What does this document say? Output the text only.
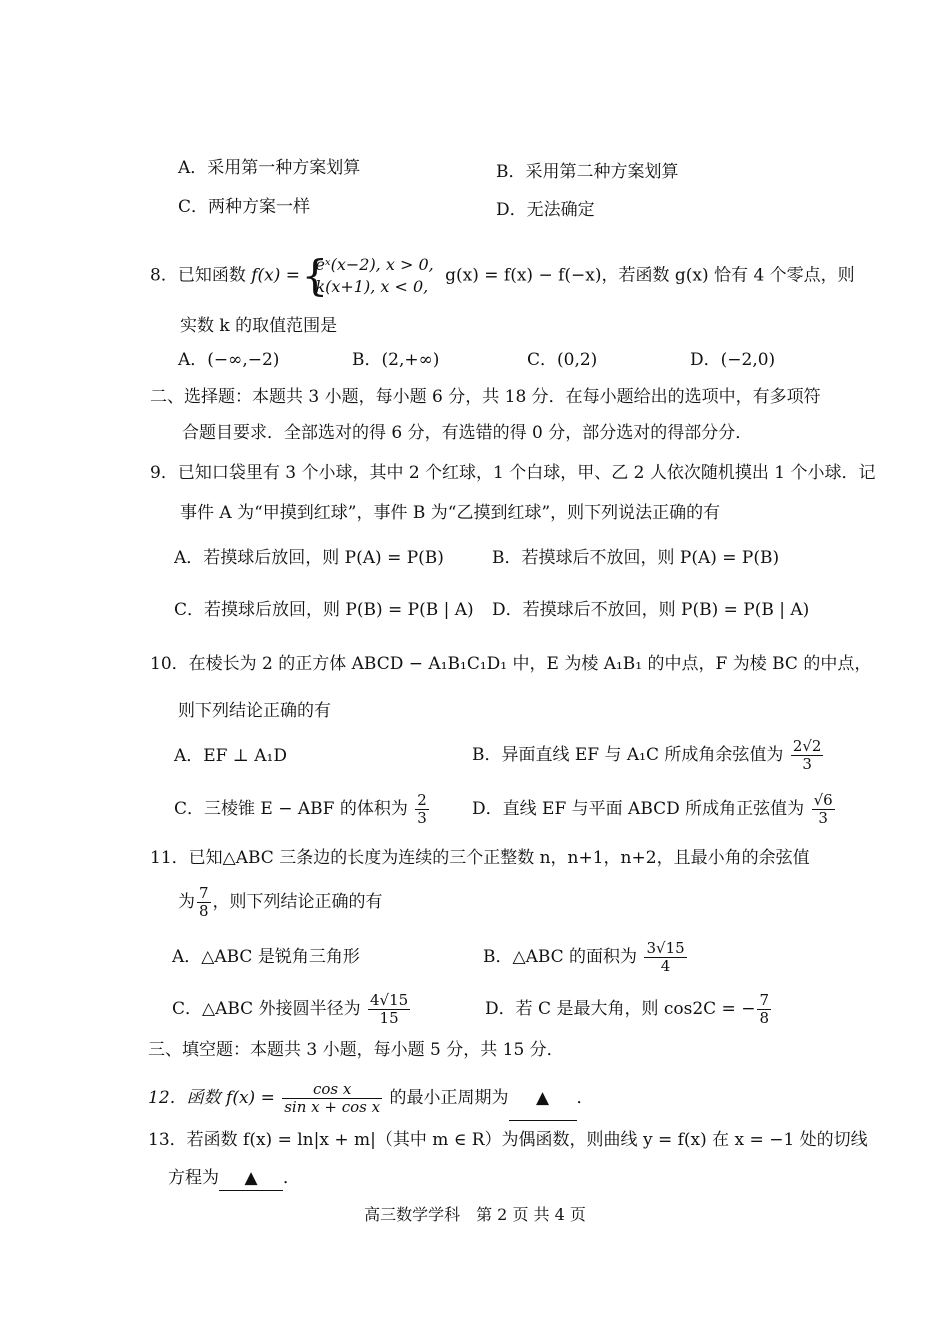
A．采用第一种方案划算	B．采用第二种方案划算
C．两种方案一样	D．无法确定
8．已知函数 f(x) = {
eˣ(x−2), x > 0,
k(x+1), x < 0,
g(x) = f(x) − f(−x)，若函数 g(x) 恰有 4 个零点，则
实数 k 的取值范围是
A．(−∞,−2)	B．(2,+∞)	C．(0,2)	D．(−2,0)
二、选择题：本题共 3 小题，每小题 6 分，共 18 分．在每小题给出的选项中，有多项符
合题目要求．全部选对的得 6 分，有选错的得 0 分，部分选对的得部分分．
9．已知口袋里有 3 个小球，其中 2 个红球，1 个白球，甲、乙 2 人依次随机摸出 1 个小球．记
事件 A 为“甲摸到红球”，事件 B 为“乙摸到红球”，则下列说法正确的有
A．若摸球后放回，则 P(A) = P(B)	B．若摸球后不放回，则 P(A) = P(B)
C．若摸球后放回，则 P(B) = P(B | A) D．若摸球后不放回，则 P(B) = P(B | A)
10．在棱长为 2 的正方体 ABCD − A₁B₁C₁D₁ 中，E 为棱 A₁B₁ 的中点，F 为棱 BC 的中点，
则下列结论正确的有
A．EF ⊥ A₁D	B．异面直线 EF 与 A₁C 所成角余弦值为 $\frac{2√2}{3}$
C．三棱锥 E − ABF 的体积为 $\frac{2}{3}$	D．直线 EF 与平面 ABCD 所成角正弦值为 $\frac{√6}{3}$
11．已知△ABC 三条边的长度为连续的三个正整数 n，n+1，n+2，且最小角的余弦值
为 $\frac{7}{8}$ ，则下列结论正确的有
A．△ABC 是锐角三角形	B．△ABC 的面积为 $\frac{3√15}{4}$
C．△ABC 外接圆半径为 $\frac{4√15}{15}$	D．若 C 是最大角，则 cos2C = − $\frac{7}{8}$
三、填空题：本题共 3 小题，每小题 5 分，共 15 分．
12．函数 $f(x) = \frac{\text{cos x}}{\text{sin x + cos x}}$ 的最小正周期为 ▲ ．
13．若函数 f(x) = ln|x + m|（其中 m ∈ R）为偶函数，则曲线 y = f(x) 在 x = −1 处的切线
方程为 ▲ ．
高三数学学科　第 2 页 共 4 页
